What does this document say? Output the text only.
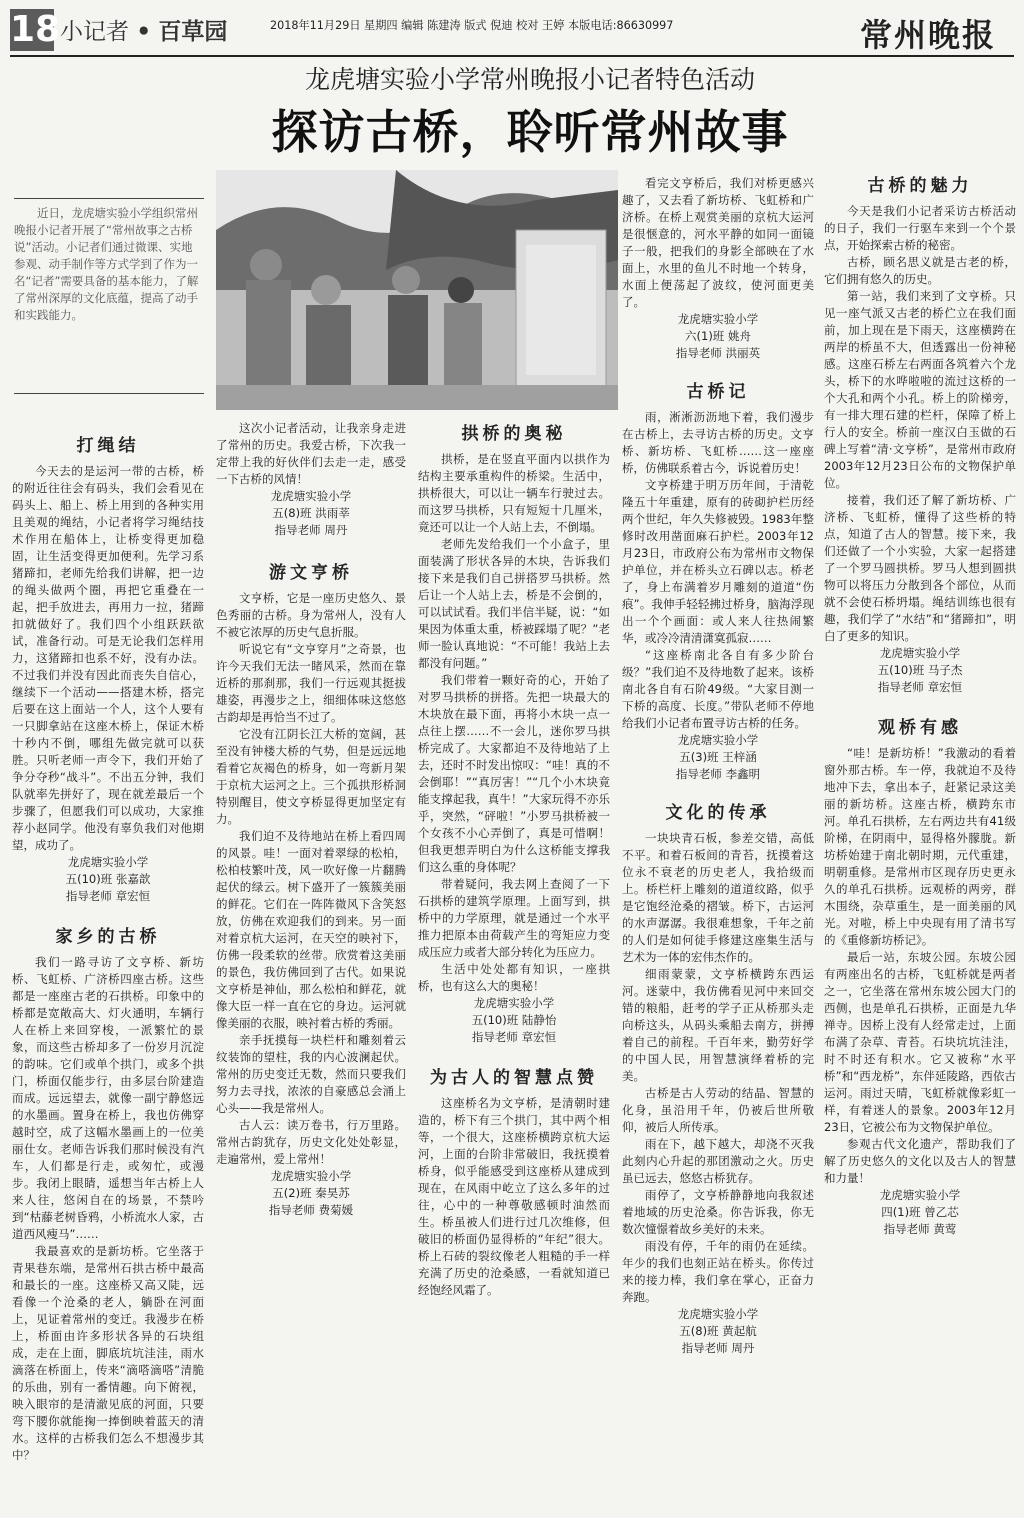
18 小记者 • 百草园	2018年11月29日 星期四 编辑 陈建涛 版式 倪迪 校对 王婷 本版电话:86630997	常州晚报
龙虎塘实验小学常州晚报小记者特色活动
探访古桥，聆听常州故事

近日，龙虎塘实验小学组织常州晚报小记者开展了“常州故事之古桥说”活动。小记者们通过微课、实地参观、动手制作等方式学到了作为一名“记者”需要具备的基本能力，了解了常州深厚的文化底蕴，提高了动手和实践能力。

打绳结

今天去的是运河一带的古桥，桥的附近往往会有码头，我们会看见在码头上、船上、桥上用到的各种实用且美观的绳结，小记者将学习绳结技术作用在船体上，让桥变得更加稳固，让生活变得更加便利。先学习系猪蹄扣，老师先给我们讲解，把一边的绳头做两个圈，再把它重叠在一起，把手放进去，再用力一拉，猪蹄扣就做好了。我们四个小组跃跃欲试，准备行动。可是无论我们怎样用力，这猪蹄扣也系不好，没有办法。不过我们并没有因此而丧失自信心，继续下一个活动——搭建木桥，搭完后要在这上面站一个人，这个人要有一只脚拿站在这座木桥上，保证木桥十秒内不倒，哪组先做完就可以获胜。只听老师一声令下，我们开始了争分夺秒“战斗”。不出五分钟，我们队就率先拼好了，现在就差最后一个步骤了，但愿我们可以成功，大家推荐小赵同学。他没有辜负我们对他期望，成功了。

龙虎塘实验小学

五(10)班 张嘉歆

指导老师 章宏恒

家乡的古桥

我们一路寻访了文亨桥、新坊桥、飞虹桥、广济桥四座古桥。这些都是一座座古老的石拱桥。印象中的桥都是宽敞高大、灯火通明，车辆行人在桥上来回穿梭，一派繁忙的景象，而这些古桥却多了一份岁月沉淀的韵味。它们或单个拱门，或多个拱门，桥面仅能步行，由多层台阶建造而成。远远望去，就像一副宁静悠远的水墨画。置身在桥上，我也仿佛穿越时空，成了这幅水墨画上的一位美丽仕女。老师告诉我们那时候没有汽车，人们都是行走，或匆忙，或漫步。我闭上眼睛，遥想当年古桥上人来人往，悠闲自在的场景，不禁吟到“枯藤老树昏鸦，小桥流水人家，古道西风瘦马”……

我最喜欢的是新坊桥。它坐落于青果巷东端，是常州石拱古桥中最高和最长的一座。这座桥又高又陡，远看像一个沧桑的老人，躺卧在河面上，见证着常州的变迁。我漫步在桥上，桥面由许多形状各异的石块组成，走在上面，脚底坑坑洼洼，雨水滴落在桥面上，传来“滴嗒滴嗒”清脆的乐曲，别有一番情趣。向下俯视，映入眼帘的是清澈见底的河面，只要弯下腰你就能掬一捧倒映着蓝天的清水。这样的古桥我们怎么不想漫步其中？

这次小记者活动，让我亲身走进了常州的历史。我爱古桥，下次我一定带上我的好伙伴们去走一走，感受一下古桥的风情！

龙虎塘实验小学

五(8)班 洪雨莘

指导老师 周丹

游文亨桥

文亨桥，它是一座历史悠久、景色秀丽的古桥。身为常州人，没有人不被它浓厚的历史气息折服。

听说它有“文亨穿月”之奇景，也许今天我们无法一睹风采，然而在靠近桥的那刹那，我们一行远观其挺拔雄姿，再漫步之上，细细体味这悠悠古韵却是再恰当不过了。

它没有江阴长江大桥的宽阔，甚至没有钟楼大桥的气势，但是远远地看着它灰褐色的桥身，如一弯新月架于京杭大运河之上。三个孤拱形桥洞特别醒目，使文亨桥显得更加坚定有力。

我们迫不及待地站在桥上看四周的风景。哇！一面对着翠绿的松柏，松柏枝繁叶茂，风一吹好像一片翻腾起伏的绿云。树下盛开了一簇簇美丽的鲜花。它们在一阵阵微风下含笑怒放，仿佛在欢迎我们的到来。另一面对着京杭大运河，在天空的映衬下，仿佛一段柔软的丝带。欣赏着这美丽的景色，我仿佛回到了古代。如果说文亨桥是神仙，那么松柏和鲜花，就像大臣一样一直在它的身边。运河就像美丽的衣服，映衬着古桥的秀丽。

亲手抚摸每一块栏杆和雕刻着云纹装饰的望柱，我的内心波澜起伏。常州的历史变迁无数，然而只要我们努力去寻找，浓浓的自豪感总会涌上心头——我是常州人。

古人云：读万卷书，行万里路。常州古韵犹存，历史文化处处彰显，走遍常州，爱上常州！

龙虎塘实验小学

五(2)班 秦昊苏

指导老师 费菊媛

拱桥的奥秘

拱桥，是在竖直平面内以拱作为结构主要承重构件的桥梁。生活中，拱桥很大，可以让一辆车行驶过去。而这罗马拱桥，只有短短十几厘米，竟还可以让一个人站上去，不倒塌。

老师先发给我们一个小盒子，里面装满了形状各异的木块，告诉我们接下来是我们自己拼搭罗马拱桥。然后让一个人站上去，桥是不会倒的，可以试试看。我们半信半疑，说：“如果因为体重太重，桥被踩塌了呢？”老师一脸认真地说：“不可能！我站上去都没有问题。”

我们带着一颗好奇的心，开始了对罗马拱桥的拼搭。先把一块最大的木块放在最下面，再将小木块一点一点往上摆……不一会儿，迷你罗马拱桥完成了。大家都迫不及待地站了上去，还时不时发出惊叹：“哇！真的不会倒耶！”“真厉害！”“几个小木块竟能支撑起我，真牛！”大家玩得不亦乐乎，突然，“砰啦！”小罗马拱桥被一个女孩不小心弄倒了，真是可惜啊！但我更想弄明白为什么这桥能支撑我们这么重的身体呢？

带着疑问，我去网上查阅了一下石拱桥的建筑学原理。上面写到，拱桥中的力学原理，就是通过一个水平推力把原本由荷载产生的弯矩应力变成压应力或者大部分转化为压应力。

生活中处处都有知识，一座拱桥，也有这么大的奥秘！

龙虎塘实验小学

五(10)班 陆静怡

指导老师 章宏恒

为古人的智慧点赞

这座桥名为文亨桥，是清朝时建造的，桥下有三个拱门，其中两个相等，一个很大，这座桥横跨京杭大运河，上面的台阶非常破旧，我抚摸着桥身，似乎能感受到这座桥从建成到现在，在风雨中屹立了这么多年的过往，心中的一种尊敬感顿时油然而生。桥虽被人们进行过几次维修，但破旧的桥面仍显得桥的“年纪”很大。桥上石砖的裂纹像老人粗糙的手一样充满了历史的沧桑感，一看就知道已经饱经风霜了。

看完文亨桥后，我们对桥更感兴趣了，又去看了新坊桥、飞虹桥和广济桥。在桥上观赏美丽的京杭大运河是很惬意的，河水平静的如同一面镜子一般，把我们的身影全部映在了水面上，水里的鱼儿不时地一个转身，水面上便荡起了波纹，使河面更美了。

龙虎塘实验小学

六(1)班 姚舟

指导老师 洪丽英

古桥记

雨，淅淅沥沥地下着，我们漫步在古桥上，去寻访古桥的历史。文亨桥、新坊桥、飞虹桥……这一座座桥，仿佛联系着古今，诉说着历史！

文亨桥建于明万历年间，于清乾隆五十年重建，原有的砖砌护栏历经两个世纪，年久失修被毁。1983年整修时改用凿面麻石护栏。2003年12月23日，市政府公布为常州市文物保护单位，并在桥头立石碑以志。桥老了，身上布满着岁月雕刻的道道“伤痕”。我伸手轻轻拂过桥身，脑海浮现出一个个画面：或人来人往热闹繁华，或冷冷清清潇寞孤寂……

“这座桥南北各自有多少阶台级？”我们迫不及待地数了起来。该桥南北各自有石阶49级。“大家目测一下桥的高度、长度。”带队老师不停地给我们小记者布置寻访古桥的任务。

龙虎塘实验小学

五(3)班 王梓涵

指导老师 李鑫明

文化的传承

一块块青石板，参差交错，高低不平。和着石板间的青苔，抚摸着这位永不衰老的历史老人，我拾级而上。桥栏杆上雕刻的道道纹路，似乎是它饱经沧桑的褶皱。桥下，古运河的水声潺潺。我很难想象，千年之前的人们是如何徒手修建这座集生活与艺术为一体的宏伟杰作的。

细雨蒙蒙，文亨桥横跨东西运河。迷蒙中，我仿佛看见河中来回交错的粮船，赶考的学子正从桥那头走向桥这头，从码头乘船去南方，拼搏着自己的前程。千百年来，勤劳好学的中国人民，用智慧演绎着桥的完美。

古桥是古人劳动的结晶、智慧的化身，虽沿用千年，仍被后世所敬仰，被后人所传承。

雨在下，越下越大，却浇不灭我此刻内心升起的那团激动之火。历史虽已远去，悠悠古桥犹存。

雨停了，文亨桥静静地向我叙述着地域的历史沧桑。你告诉我，你无数次憧憬着故乡美好的未来。

雨没有停，千年的雨仍在延续。年少的我们也刻正站在桥头。你传过来的接力棒，我们拿在掌心，正奋力奔跑。

龙虎塘实验小学

五(8)班 黄起航

指导老师 周丹

古桥的魅力

今天是我们小记者采访古桥活动的日子，我们一行驱车来到一个个景点，开始探索古桥的秘密。

古桥，顾名思义就是古老的桥，它们拥有悠久的历史。

第一站，我们来到了文亨桥。只见一座气派又古老的桥伫立在我们面前，加上现在是下雨天，这座横跨在两岸的桥虽不大，但透露出一份神秘感。这座石桥左右两面各筑着六个龙头，桥下的水哗啦啦的流过这桥的一个大孔和两个小孔。桥上的阶梯旁，有一排大理石建的栏杆，保障了桥上行人的安全。桥前一座汉白玉做的石碑上写着“清·文亨桥”，是常州市政府2003年12月23日公布的文物保护单位。

接着，我们还了解了新坊桥、广济桥、飞虹桥，懂得了这些桥的特点，知道了古人的智慧。接下来，我们还做了一个小实验，大家一起搭建了一个罗马圆拱桥。罗马人想到圆拱物可以将压力分散到各个部位，从而就不会使石桥坍塌。绳结训练也很有趣，我们学了“水结”和“猪蹄扣”，明白了更多的知识。

龙虎塘实验小学

五(10)班 马子杰

指导老师 章宏恒

观桥有感

“哇！是新坊桥！”我激动的看着窗外那古桥。车一停，我就迫不及待地冲下去，拿出本子，赶紧记录这美丽的新坊桥。这座古桥，横跨东市河。单孔石拱桥，左右两边共有41级阶梯，在阴雨中，显得格外朦胧。新坊桥始建于南北朝时期，元代重建，明朝重修。是常州市区现存历史更永久的单孔石拱桥。远观桥的两旁，群木围绕，杂草重生，是一面美丽的风光。对啦，桥上中央现有用了清书写的《重修新坊桥记》。

最后一站，东坡公园。东坡公园有两座出名的古桥，飞虹桥就是两者之一，它坐落在常州东坡公园大门的西侧，也是单孔石拱桥，正面是九华禅寺。因桥上没有人经常走过，上面布满了杂草、青苔。石块坑坑洼洼，时不时还有积水。它又被称“水平桥”和“西龙桥”，东伴延陵路，西依古运河。雨过天晴，飞虹桥就像彩虹一样，有着迷人的景象。2003年12月23日，它被公布为文物保护单位。

参观古代文化遗产，帮助我们了解了历史悠久的文化以及古人的智慧和力量！

龙虎塘实验小学

四(1)班 曾乙芯

指导老师 黄莺
